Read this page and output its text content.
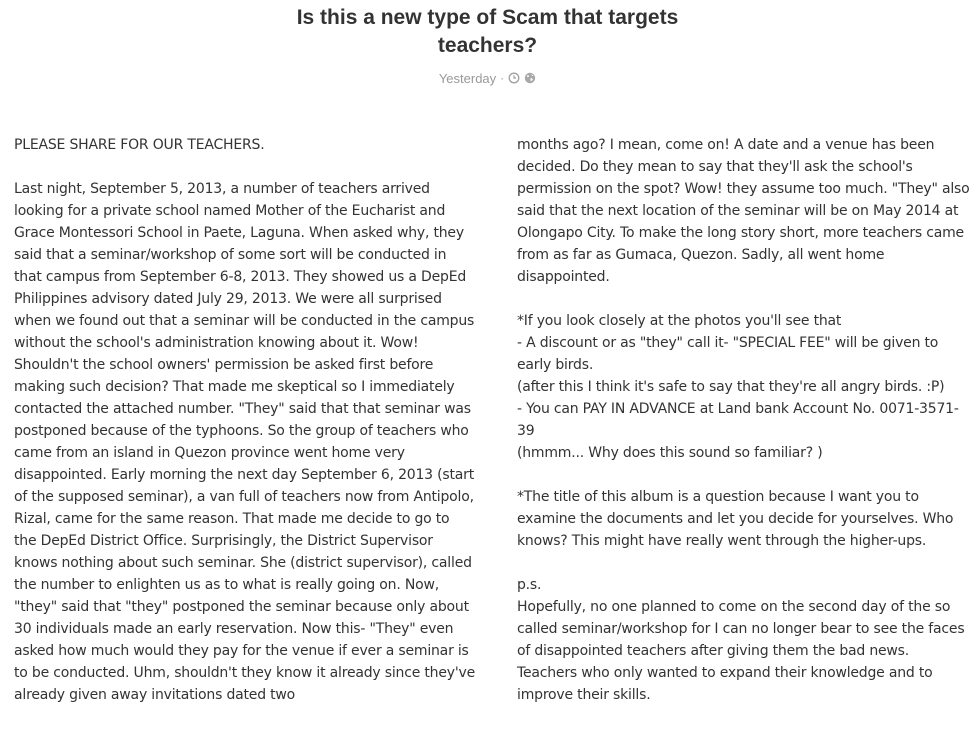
Is this a new type of Scam that targets teachers?
Yesterday ·

PLEASE SHARE FOR OUR TEACHERS.

Last night, September 5, 2013, a number of teachers arrived looking for a private school named Mother of the Eucharist and Grace Montessori School in Paete, Laguna. When asked why, they said that a seminar/workshop of some sort will be conducted in that campus from September 6-8, 2013. They showed us a DepEd Philippines advisory dated July 29, 2013. We were all surprised when we found out that a seminar will be conducted in the campus without the school's administration knowing about it. Wow! Shouldn't the school owners' permission be asked first before making such decision? That made me skeptical so I immediately contacted the attached number. "They" said that that seminar was postponed because of the typhoons. So the group of teachers who came from an island in Quezon province went home very disappointed. Early morning the next day September 6, 2013 (start of the supposed seminar), a van full of teachers now from Antipolo, Rizal, came for the same reason. That made me decide to go to the DepEd District Office. Surprisingly, the District Supervisor knows nothing about such seminar. She (district supervisor), called the number to enlighten us as to what is really going on. Now, "they" said that "they" postponed the seminar because only about 30 individuals made an early reservation. Now this- "They" even asked how much would they pay for the venue if ever a seminar is to be conducted. Uhm, shouldn't they know it already since they've already given away invitations dated two

months ago? I mean, come on! A date and a venue has been decided. Do they mean to say that they'll ask the school's permission on the spot? Wow! they assume too much. "They" also said that the next location of the seminar will be on May 2014 at Olongapo City. To make the long story short, more teachers came from as far as Gumaca, Quezon. Sadly, all went home disappointed.

*If you look closely at the photos you'll see that

- A discount or as "they" call it- "SPECIAL FEE" will be given to early birds.

(after this I think it's safe to say that they're all angry birds. :P)

- You can PAY IN ADVANCE at Land bank Account No. 0071-3571-39

(hmmm... Why does this sound so familiar? )

*The title of this album is a question because I want you to examine the documents and let you decide for yourselves. Who knows? This might have really went through the higher-ups.

p.s.

Hopefully, no one planned to come on the second day of the so called seminar/workshop for I can no longer bear to see the faces of disappointed teachers after giving them the bad news. Teachers who only wanted to expand their knowledge and to improve their skills.
